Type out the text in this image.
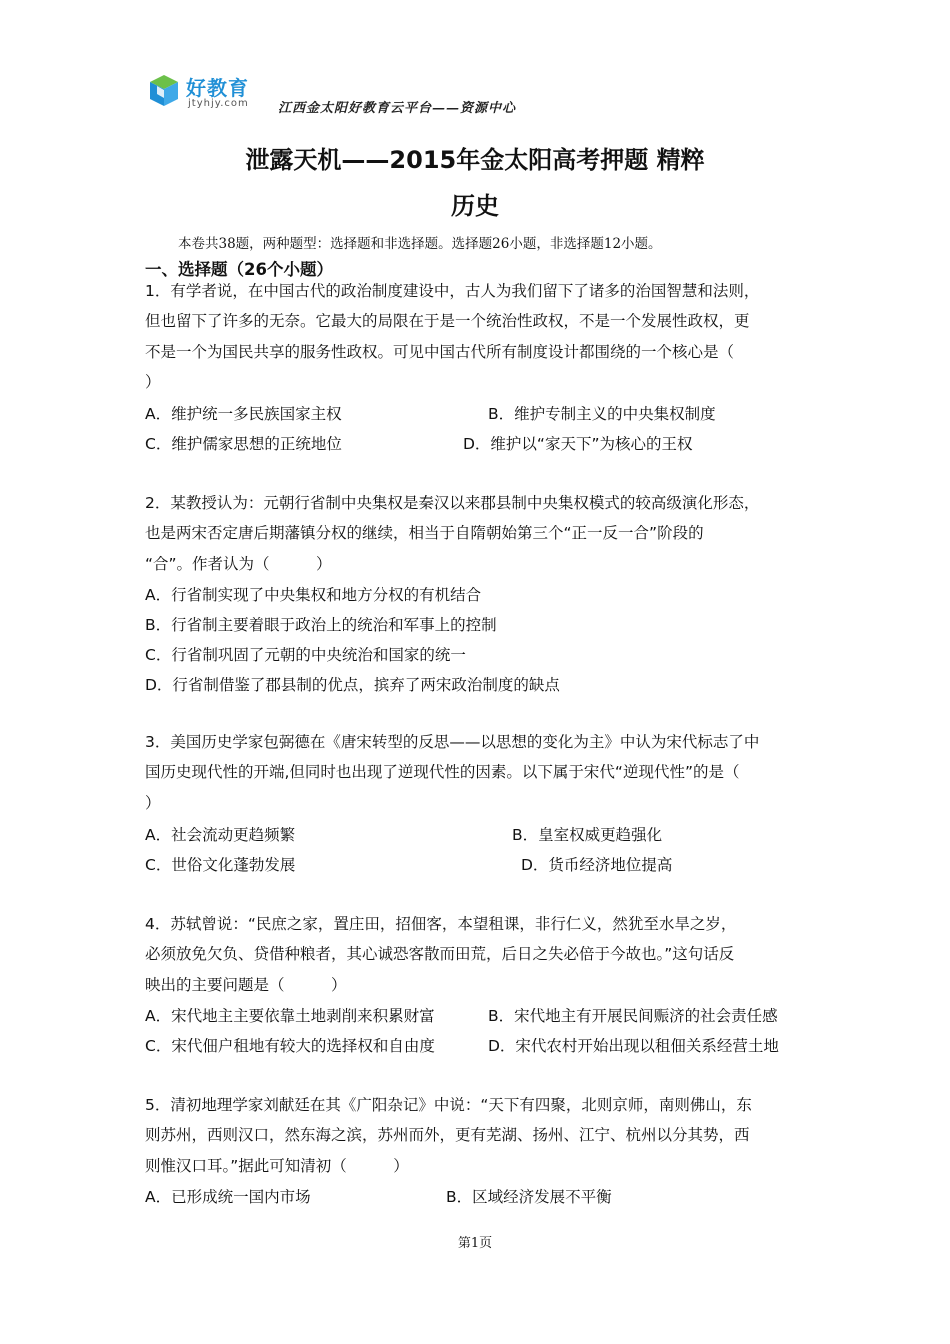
好教育
jtyhjy.com 江西金太阳好教育云平台——资源中心
泄露天机——2015年金太阳高考押题 精粹
历史
本卷共38题，两种题型：选择题和非选择题。选择题26小题，非选择题12小题。
一、选择题（26个小题）
1．有学者说，在中国古代的政治制度建设中，古人为我们留下了诸多的治国智慧和法则，
但也留下了许多的无奈。它最大的局限在于是一个统治性政权，不是一个发展性政权，更
不是一个为国民共享的服务性政权。可见中国古代所有制度设计都围绕的一个核心是（
）
A．维护统一多民族国家主权	B．维护专制主义的中央集权制度
C．维护儒家思想的正统地位	D．维护以“家天下”为核心的王权
2．某教授认为：元朝行省制中央集权是秦汉以来郡县制中央集权模式的较高级演化形态，
也是两宋否定唐后期藩镇分权的继续，相当于自隋朝始第三个“正一反一合”阶段的
“合”。作者认为（　　　）
A．行省制实现了中央集权和地方分权的有机结合
B．行省制主要着眼于政治上的统治和军事上的控制
C．行省制巩固了元朝的中央统治和国家的统一
D．行省制借鉴了郡县制的优点，摈弃了两宋政治制度的缺点
3．美国历史学家包弼德在《唐宋转型的反思——以思想的变化为主》中认为宋代标志了中
国历史现代性的开端,但同时也出现了逆现代性的因素。以下属于宋代“逆现代性”的是（
）
A．社会流动更趋频繁	B．皇室权威更趋强化
C．世俗文化蓬勃发展	D．货币经济地位提高
4．苏轼曾说：“民庶之家，置庄田，招佃客，本望租课，非行仁义，然犹至水旱之岁，
必须放免欠负、贷借种粮者，其心诚恐客散而田荒，后日之失必倍于今故也。”这句话反
映出的主要问题是（　　　）
A．宋代地主主要依靠土地剥削来积累财富	B．宋代地主有开展民间赈济的社会责任感
C．宋代佃户租地有较大的选择权和自由度	D．宋代农村开始出现以租佃关系经营土地
5．清初地理学家刘献廷在其《广阳杂记》中说：“天下有四聚，北则京师，南则佛山，东
则苏州，西则汉口，然东海之滨，苏州而外，更有芜湖、扬州、江宁、杭州以分其势，西
则惟汉口耳。”据此可知清初（　　　）
A．已形成统一国内市场	B．区域经济发展不平衡
第1页
